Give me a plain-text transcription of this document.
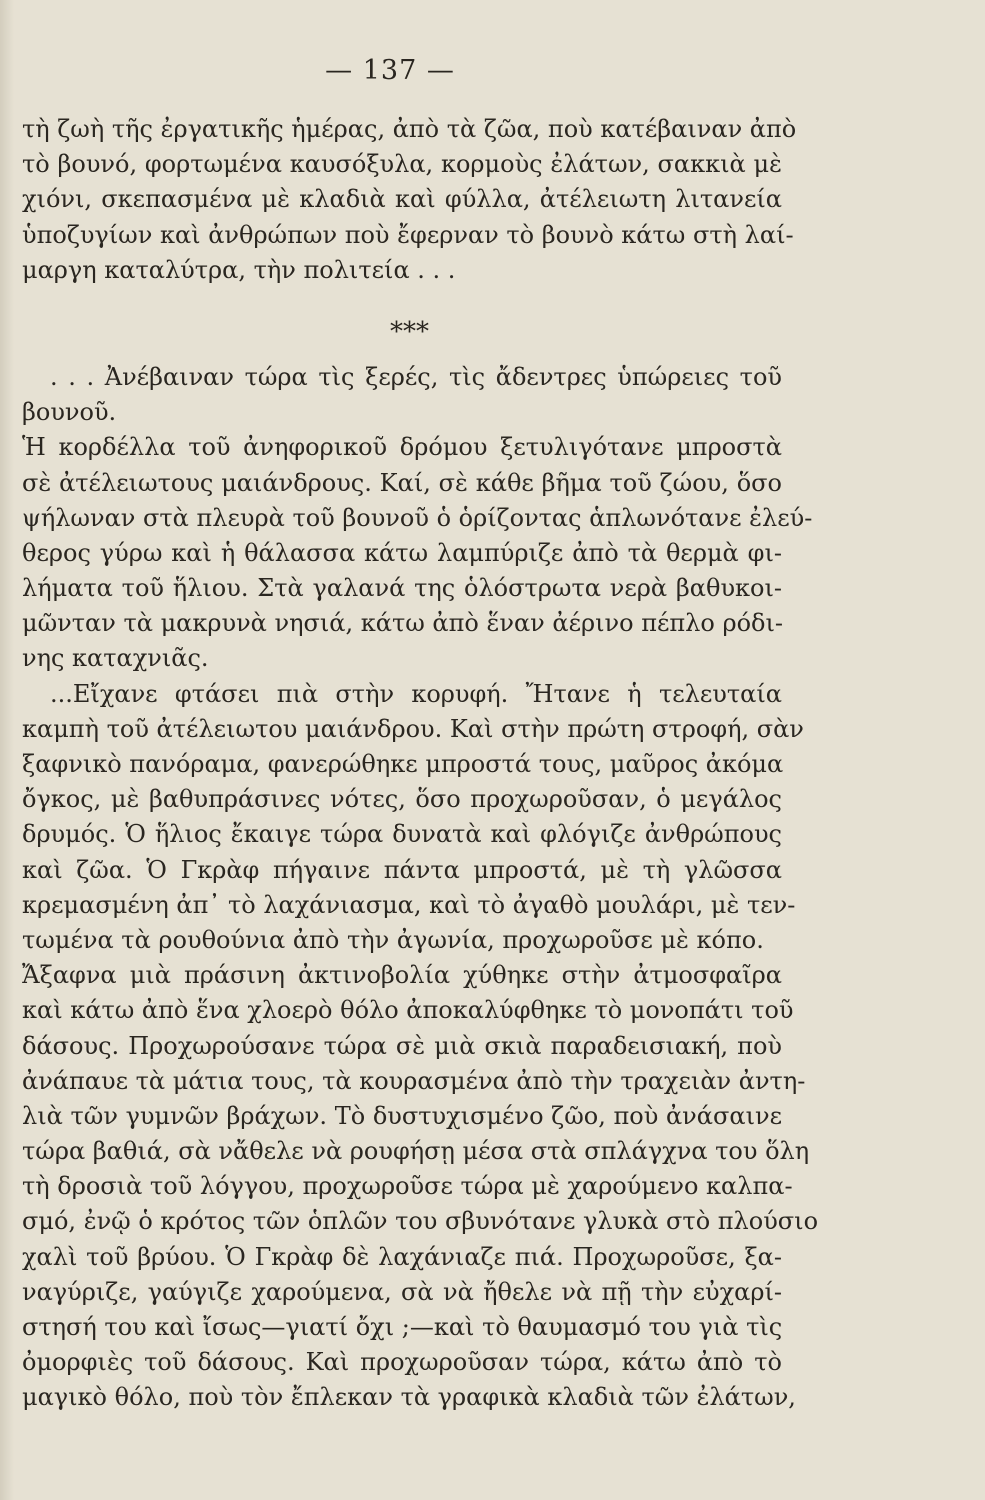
— 137 —
τὴ ζωὴ τῆς ἐργατικῆς ἡμέρας, ἀπὸ τὰ ζῶα, ποὺ κατέβαιναν ἀπὸ
τὸ βουνό, φορτωμένα καυσόξυλα, κορμοὺς ἐλάτων, σακκιὰ μὲ
χιόνι, σκεπασμένα μὲ κλαδιὰ καὶ φύλλα, ἀτέλειωτη λιτανεία
ὑποζυγίων καὶ ἀνθρώπων ποὺ ἔφερναν τὸ βουνὸ κάτω στὴ λαί-
μαργη καταλύτρα, τὴν πολιτεία . . .
⁎⁎⁎
. . . Ἀνέβαιναν τώρα τὶς ξερές, τὶς ἄδεντρες ὑπώρειες τοῦ
βουνοῦ.
Ἡ κορδέλλα τοῦ ἀνηφορικοῦ δρόμου ξετυλιγότανε μπροστὰ
σὲ ἀτέλειωτους μαιάνδρους. Καί, σὲ κάθε βῆμα τοῦ ζώου, ὅσο
ψήλωναν στὰ πλευρὰ τοῦ βουνοῦ ὁ ὁρίζοντας ἁπλωνότανε ἐλεύ-
θερος γύρω καὶ ἡ θάλασσα κάτω λαμπύριζε ἀπὸ τὰ θερμὰ φι-
λήματα τοῦ ἥλιου. Στὰ γαλανά της ὁλόστρωτα νερὰ βαθυκοι-
μῶνταν τὰ μακρυνὰ νησιά, κάτω ἀπὸ ἕναν ἀέρινο πέπλο ρόδι-
νης καταχνιᾶς.
...Εἴχανε φτάσει πιὰ στὴν κορυφή. Ἤτανε ἡ τελευταία
καμπὴ τοῦ ἀτέλειωτου μαιάνδρου. Καὶ στὴν πρώτη στροφή, σὰν
ξαφνικὸ πανόραμα, φανερώθηκε μπροστά τους, μαῦρος ἀκόμα
ὄγκος, μὲ βαθυπράσινες νότες, ὅσο προχωροῦσαν, ὁ μεγάλος
δρυμός. Ὁ ἥλιος ἔκαιγε τώρα δυνατὰ καὶ φλόγιζε ἀνθρώπους
καὶ ζῶα. Ὁ Γκρὰφ πήγαινε πάντα μπροστά, μὲ τὴ γλῶσσα
κρεμασμένη ἀπ᾽ τὸ λαχάνιασμα, καὶ τὸ ἀγαθὸ μουλάρι, μὲ τεν-
τωμένα τὰ ρουθούνια ἀπὸ τὴν ἀγωνία, προχωροῦσε μὲ κόπο.
Ἄξαφνα μιὰ πράσινη ἀκτινοβολία χύθηκε στὴν ἀτμοσφαῖρα
καὶ κάτω ἀπὸ ἕνα χλοερὸ θόλο ἀποκαλύφθηκε τὸ μονοπάτι τοῦ
δάσους. Προχωρούσανε τώρα σὲ μιὰ σκιὰ παραδεισιακή, ποὺ
ἀνάπαυε τὰ μάτια τους, τὰ κουρασμένα ἀπὸ τὴν τραχειὰν ἀντη-
λιὰ τῶν γυμνῶν βράχων. Τὸ δυστυχισμένο ζῶο, ποὺ ἀνάσαινε
τώρα βαθιά, σὰ νἄθελε νὰ ρουφήσῃ μέσα στὰ σπλάγχνα του ὅλη
τὴ δροσιὰ τοῦ λόγγου, προχωροῦσε τώρα μὲ χαρούμενο καλπα-
σμό, ἐνῷ ὁ κρότος τῶν ὁπλῶν του σβυνότανε γλυκὰ στὸ πλούσιο
χαλὶ τοῦ βρύου. Ὁ Γκρὰφ δὲ λαχάνιαζε πιά. Προχωροῦσε, ξα-
ναγύριζε, γαύγιζε χαρούμενα, σὰ νὰ ἤθελε νὰ πῇ τὴν εὐχαρί-
στησή του καὶ ἴσως—γιατί ὄχι ;—καὶ τὸ θαυμασμό του γιὰ τὶς
ὀμορφιὲς τοῦ δάσους. Καὶ προχωροῦσαν τώρα, κάτω ἀπὸ τὸ
μαγικὸ θόλο, ποὺ τὸν ἔπλεκαν τὰ γραφικὰ κλαδιὰ τῶν ἐλάτων,
